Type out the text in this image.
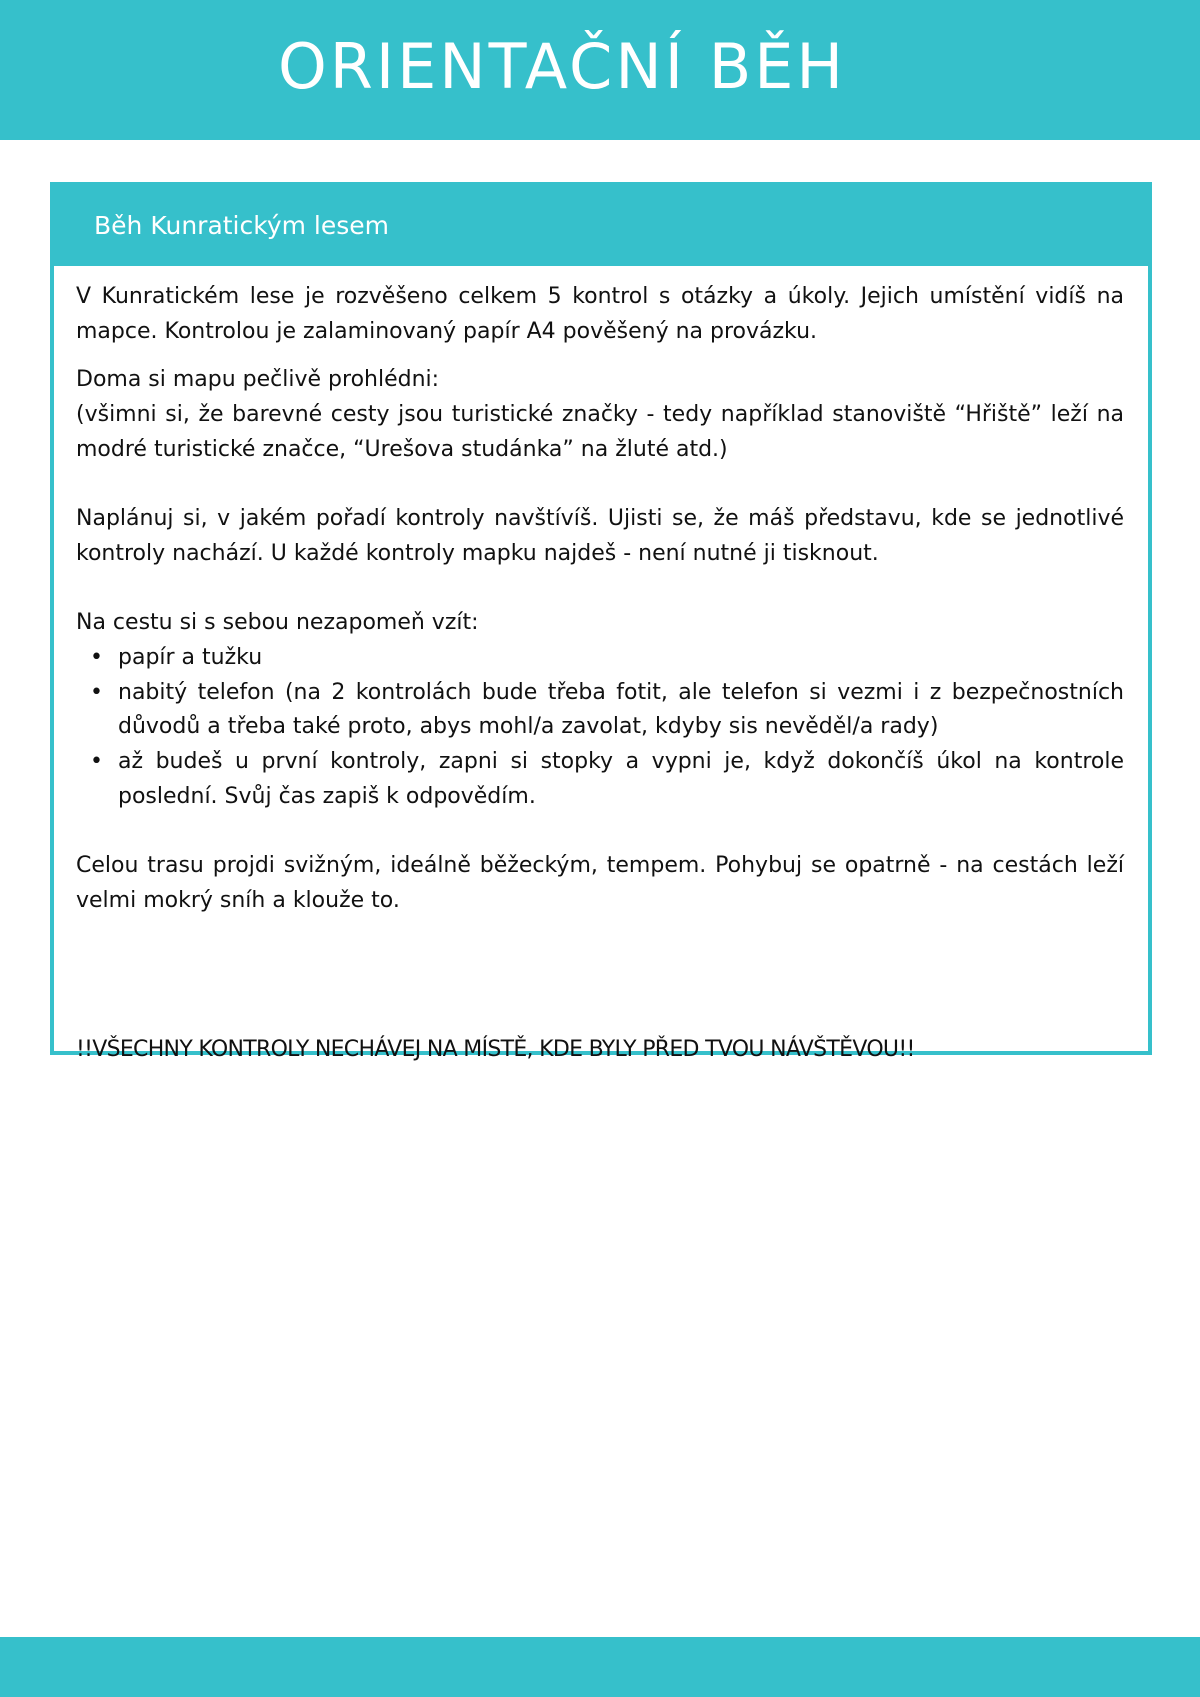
ORIENTAČNÍ BĚH
Běh Kunratickým lesem

V Kunratickém lese je rozvěšeno celkem 5 kontrol s otázky a úkoly. Jejich umístění vidíš na mapce. Kontrolou je zalaminovaný papír A4 pověšený na provázku.

Doma si mapu pečlivě prohlédni:

(všimni si, že barevné cesty jsou turistické značky - tedy například stanoviště “Hřiště” leží na modré turistické značce, “Urešova studánka” na žluté atd.)

Naplánuj si, v jakém pořadí kontroly navštívíš. Ujisti se, že máš představu, kde se jednotlivé kontroly nachází. U každé kontroly mapku najdeš - není nutné ji tisknout.

Na cestu si s sebou nezapomeň vzít:

• papír a tužku
• nabitý telefon (na 2 kontrolách bude třeba fotit, ale telefon si vezmi i z bezpečnostních důvodů a třeba také proto, abys mohl/a zavolat, kdyby sis nevěděl/a rady)
• až budeš u první kontroly, zapni si stopky a vypni je, když dokončíš úkol na kontrole poslední. Svůj čas zapiš k odpovědím.

Celou trasu projdi svižným, ideálně běžeckým, tempem. Pohybuj se opatrně - na cestách leží velmi mokrý sníh a klouže to.

!!VŠECHNY KONTROLY NECHÁVEJ NA MÍSTĚ, KDE BYLY PŘED TVOU NÁVŠTĚVOU!!
